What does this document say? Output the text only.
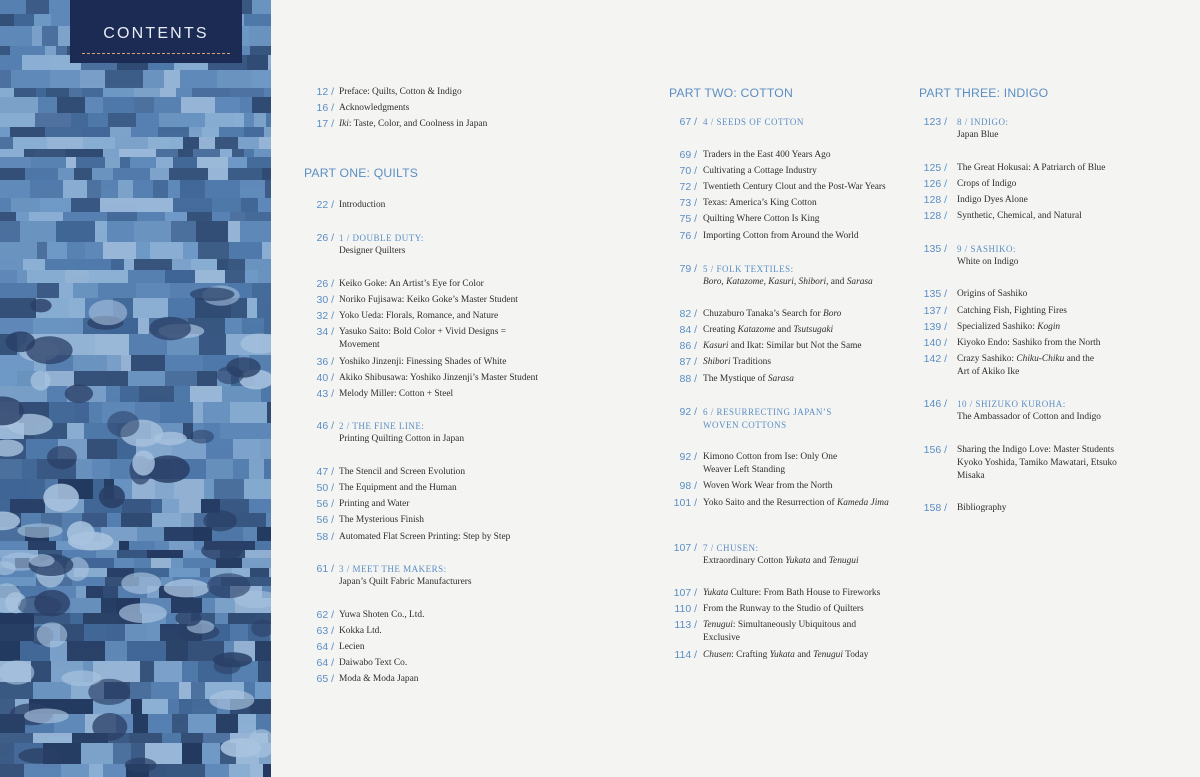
CONTENTS
PART ONE: QUILTS
12 / Preface: Quilts, Cotton & Indigo
16 / Acknowledgments
17 / Iki: Taste, Color, and Coolness in Japan
22 / Introduction
26 / 1 / DOUBLE DUTY:
Designer Quilters
26 / Keiko Goke: An Artist’s Eye for Color
30 / Noriko Fujisawa: Keiko Goke’s Master Student
32 / Yoko Ueda: Florals, Romance, and Nature
34 / Yasuko Saito: Bold Color + Vivid Designs =
Movement
36 / Yoshiko Jinzenji: Finessing Shades of White
40 / Akiko Shibusawa: Yoshiko Jinzenji’s Master Student
43 / Melody Miller: Cotton + Steel
46 / 2 / THE FINE LINE:
Printing Quilting Cotton in Japan
47 / The Stencil and Screen Evolution
50 / The Equipment and the Human
56 / Printing and Water
56 / The Mysterious Finish
58 / Automated Flat Screen Printing: Step by Step
61 / 3 / MEET THE MAKERS:
Japan’s Quilt Fabric Manufacturers
62 / Yuwa Shoten Co., Ltd.
63 / Kokka Ltd.
64 / Lecien
64 / Daiwabo Text Co.
65 / Moda & Moda Japan
PART TWO: COTTON
67 / 4 / SEEDS OF COTTON
69 / Traders in the East 400 Years Ago
70 / Cultivating a Cottage Industry
72 / Twentieth Century Clout and the Post-War Years
73 / Texas: America’s King Cotton
75 / Quilting Where Cotton Is King
76 / Importing Cotton from Around the World
79 / 5 / FOLK TEXTILES:
Boro, Katazome, Kasuri, Shibori, and Sarasa
82 / Chuzaburo Tanaka’s Search for Boro
84 / Creating Katazome and Tsutsugaki
86 / Kasuri and Ikat: Similar but Not the Same
87 / Shibori Traditions
88 / The Mystique of Sarasa
92 / 6 / RESURRECTING JAPAN’S
WOVEN COTTONS
92 / Kimono Cotton from Ise: Only One
Weaver Left Standing
98 / Woven Work Wear from the North
101 / Yoko Saito and the Resurrection of Kameda Jima
107 / 7 / CHUSEN:
Extraordinary Cotton Yukata and Tenugui
107 / Yukata Culture: From Bath House to Fireworks
110 / From the Runway to the Studio of Quilters
113 / Tenugui: Simultaneously Ubiquitous and
Exclusive
114 / Chusen: Crafting Yukata and Tenugui Today
PART THREE: INDIGO
123 / 8 / INDIGO:
Japan Blue
125 / The Great Hokusai: A Patriarch of Blue
126 / Crops of Indigo
128 / Indigo Dyes Alone
128 / Synthetic, Chemical, and Natural
135 / 9 / SASHIKO:
White on Indigo
135 / Origins of Sashiko
137 / Catching Fish, Fighting Fires
139 / Specialized Sashiko: Kogin
140 / Kiyoko Endo: Sashiko from the North
142 / Crazy Sashiko: Chiku-Chiku and the
Art of Akiko Ike
146 / 10 / SHIZUKO KUROHA:
The Ambassador of Cotton and Indigo
156 / Sharing the Indigo Love: Master Students
Kyoko Yoshida, Tamiko Mawatari, Etsuko
Misaka
158 / Bibliography
